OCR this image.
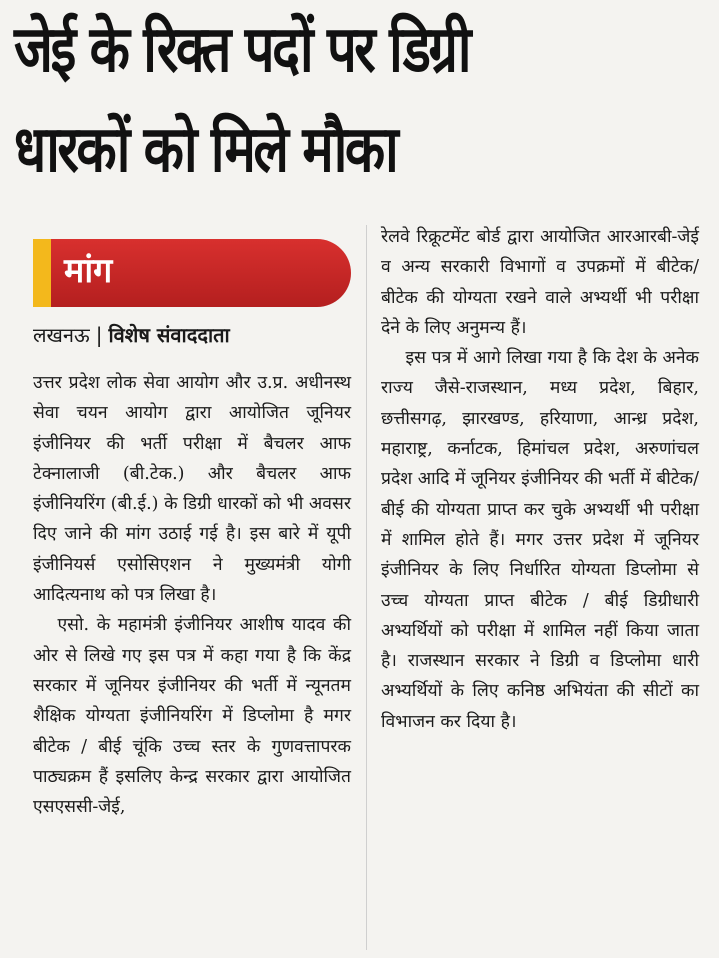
जेई के रिक्त पदों पर डिग्री
धारकों को मिले मौका
मांग
लखनऊ | विशेष संवाददाता

उत्तर प्रदेश लोक सेवा आयोग और उ.प्र. अधीनस्थ सेवा चयन आयोग द्वारा आयोजित जूनियर इंजीनियर की भर्ती परीक्षा में बैचलर आफ टेक्नालाजी (बी.टेक.) और बैचलर आफ इंजीनियरिंग (बी.ई.) के डिग्री धारकों को भी अवसर दिए जाने की मांग उठाई गई है। इस बारे में यूपी इंजीनियर्स एसोसिएशन ने मुख्यमंत्री योगी आदित्यनाथ को पत्र लिखा है।

एसो. के महामंत्री इंजीनियर आशीष यादव की ओर से लिखे गए इस पत्र में कहा गया है कि केंद्र सरकार में जूनियर इंजीनियर की भर्ती में न्यूनतम शैक्षिक योग्यता इंजीनियरिंग में डिप्लोमा है मगर बीटेक / बीई चूंकि उच्च स्तर के गुणवत्तापरक पाठ्यक्रम हैं इसलिए केन्द्र सरकार द्वारा आयोजित एसएससी-जेई,

रेलवे रिक्रूटमेंट बोर्ड द्वारा आयोजित आरआरबी-जेई व अन्य सरकारी विभागों व उपक्रमों में बीटेक/बीटेक की योग्यता रखने वाले अभ्यर्थी भी परीक्षा देने के लिए अनुमन्य हैं।

इस पत्र में आगे लिखा गया है कि देश के अनेक राज्य जैसे-राजस्थान, मध्य प्रदेश, बिहार, छत्तीसगढ़, झारखण्ड, हरियाणा, आन्ध्र प्रदेश, महाराष्ट्र, कर्नाटक, हिमांचल प्रदेश, अरुणांचल प्रदेश आदि में जूनियर इंजीनियर की भर्ती में बीटेक/बीई की योग्यता प्राप्त कर चुके अभ्यर्थी भी परीक्षा में शामिल होते हैं। मगर उत्तर प्रदेश में जूनियर इंजीनियर के लिए निर्धारित योग्यता डिप्लोमा से उच्च योग्यता प्राप्त बीटेक / बीई डिग्रीधारी अभ्यर्थियों को परीक्षा में शामिल नहीं किया जाता है। राजस्थान सरकार ने डिग्री व डिप्लोमा धारी अभ्यर्थियों के लिए कनिष्ठ अभियंता की सीटों का विभाजन कर दिया है।
